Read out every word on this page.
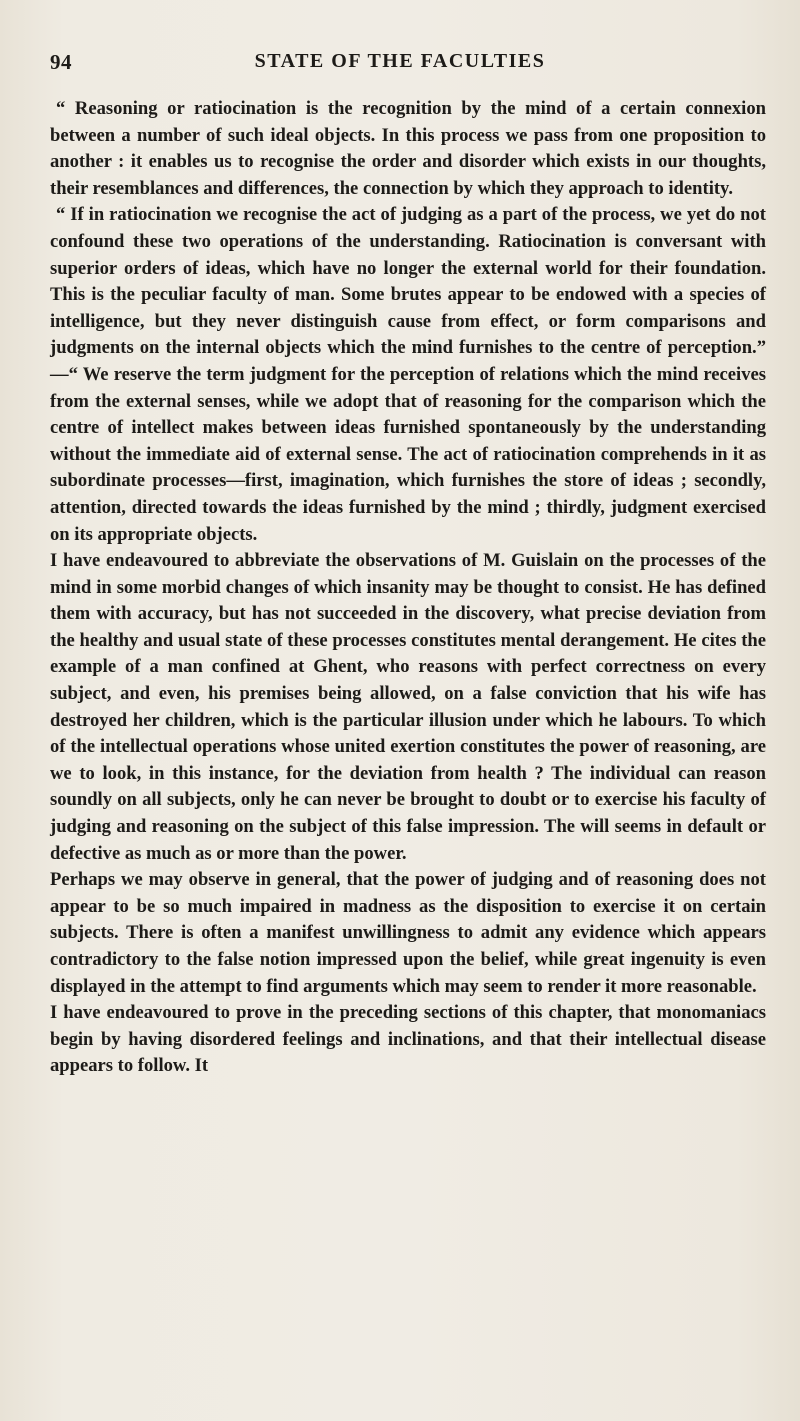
94	STATE OF THE FACULTIES

“ Reasoning or ratiocination is the recognition by the mind of a certain connexion between a number of such ideal objects. In this process we pass from one proposition to another : it enables us to recognise the order and disorder which exists in our thoughts, their resemblances and differences, the connection by which they approach to identity.

“ If in ratiocination we recognise the act of judging as a part of the process, we yet do not confound these two operations of the understanding. Ratiocination is conversant with superior orders of ideas, which have no longer the external world for their foundation. This is the peculiar faculty of man. Some brutes appear to be endowed with a species of intelligence, but they never distinguish cause from effect, or form comparisons and judgments on the internal objects which the mind furnishes to the centre of perception.” —“ We reserve the term judgment for the perception of relations which the mind receives from the external senses, while we adopt that of reasoning for the comparison which the centre of intellect makes between ideas furnished spontaneously by the understanding without the immediate aid of external sense. The act of ratiocination comprehends in it as subordinate processes—first, imagination, which furnishes the store of ideas ; secondly, attention, directed towards the ideas furnished by the mind ; thirdly, judgment exercised on its appropriate objects.

I have endeavoured to abbreviate the observations of M. Guislain on the processes of the mind in some morbid changes of which insanity may be thought to consist. He has defined them with accuracy, but has not succeeded in the discovery, what precise deviation from the healthy and usual state of these processes constitutes mental derangement. He cites the example of a man confined at Ghent, who reasons with perfect correctness on every subject, and even, his premises being allowed, on a false conviction that his wife has destroyed her children, which is the particular illusion under which he labours. To which of the intellectual operations whose united exertion constitutes the power of reasoning, are we to look, in this instance, for the deviation from health ? The individual can reason soundly on all subjects, only he can never be brought to doubt or to exercise his faculty of judging and reasoning on the subject of this false impression. The will seems in default or defective as much as or more than the power.

Perhaps we may observe in general, that the power of judging and of reasoning does not appear to be so much impaired in madness as the disposition to exercise it on certain subjects. There is often a manifest unwillingness to admit any evidence which appears contradictory to the false notion impressed upon the belief, while great ingenuity is even displayed in the attempt to find arguments which may seem to render it more reasonable.

I have endeavoured to prove in the preceding sections of this chapter, that monomaniacs begin by having disordered feelings and inclinations, and that their intellectual disease appears to follow. It
